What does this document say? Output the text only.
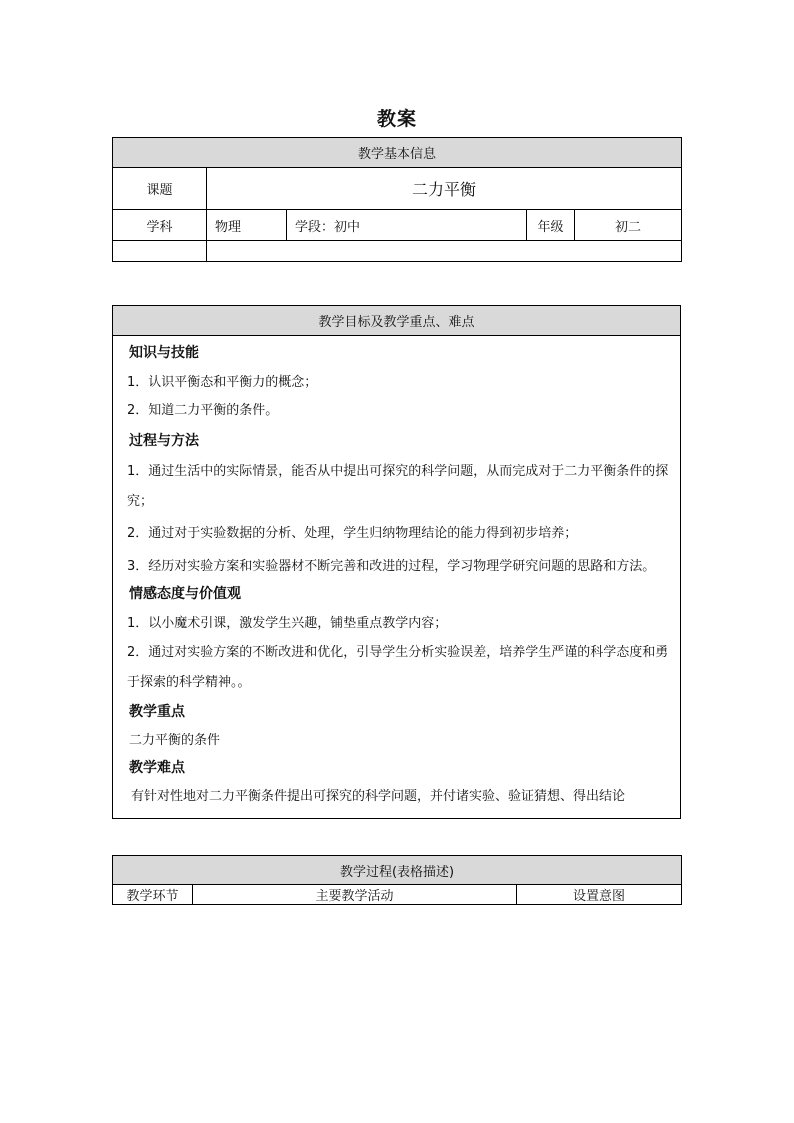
教案
教学基本信息				
课题	二力平衡			
学科	物理	学段：初中	年级	初二

教学目标及教学重点、难点

知识与技能
1．认识平衡态和平衡力的概念；
2．知道二力平衡的条件。
过程与方法
1．通过生活中的实际情景，能否从中提出可探究的科学问题，从而完成对于二力平衡条件的探究；
2．通过对于实验数据的分析、处理，学生归纳物理结论的能力得到初步培养；
3．经历对实验方案和实验器材不断完善和改进的过程，学习物理学研究问题的思路和方法。
情感态度与价值观
1．以小魔术引课，激发学生兴趣，铺垫重点教学内容；
2．通过对实验方案的不断改进和优化，引导学生分析实验误差，培养学生严谨的科学态度和勇于探索的科学精神。。
教学重点
二力平衡的条件
教学难点
有针对性地对二力平衡条件提出可探究的科学问题，并付诸实验、验证猜想、得出结论
教学过程(表格描述)
教学环节	主要教学活动	设置意图
